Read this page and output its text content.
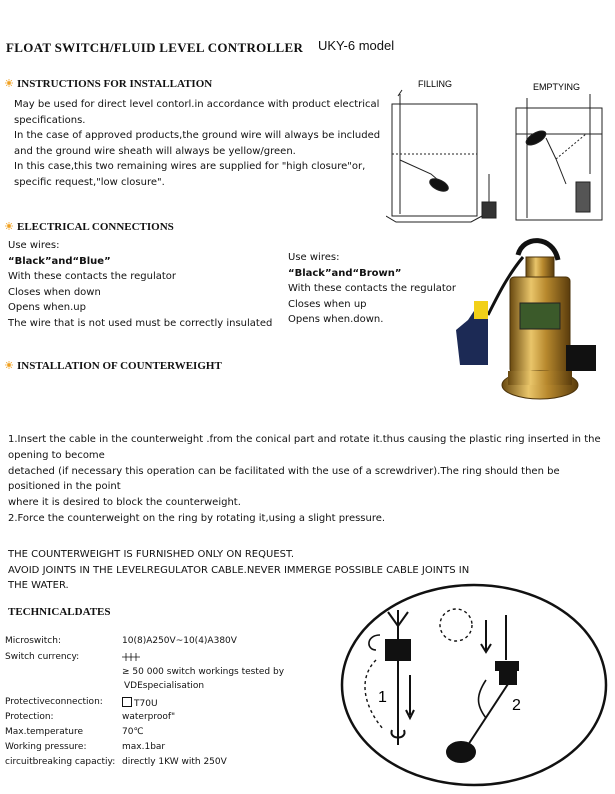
FLOAT SWITCH/FLUID LEVEL CONTROLLER UKY-6 model
INSTRUCTIONS FOR INSTALLATION
May be used for direct level contorl.in accordance with product electrical
specifications.
In the case of approved products,the ground wire will always be included
and the ground wire sheath will always be yellow/green.
In this case,this two remaining wires are supplied for "high closure"or,
specific request,"low closure".
FILLING	EMPTYING
ELECTRICAL CONNECTIONS
Use wires:
“Black”and“Blue”
With these contacts the regulator
Closes when down
Opens when.up
The wire that is not used must be correctly insulated
Use wires:
“Black”and“Brown”
With these contacts the regulator
Closes when up
Opens when.down.
INSTALLATION OF COUNTERWEIGHT
1.Insert the cable in the counterweight .from the conical part and rotate it.thus causing the plastic ring inserted in the
opening to become
detached (if necessary this operation can be facilitated with the use of a screwdriver).The ring should then be
positioned in the point
where it is desired to block the counterweight.
2.Force the counterweight on the ring by rotating it,using a slight pressure.
THE COUNTERWEIGHT IS FURNISHED ONLY ON REQUEST.
AVOID JOINTS IN THE LEVELREGULATOR CABLE.NEVER IMMERGE POSSIBLE CABLE JOINTS IN
THE WATER.
TECHNICALDATES
Microswitch:	10(8)A250V~10(4)A380V
Switch currency:
≥ 50 000 switch workings tested by
VDEspecialisation
Protectiveconnection:	T70U
Protection:	waterproof"
Max.temperature	70℃
Working pressure:	max.1bar
circuitbreaking capactiy: directly 1KW with 250V
1	2
